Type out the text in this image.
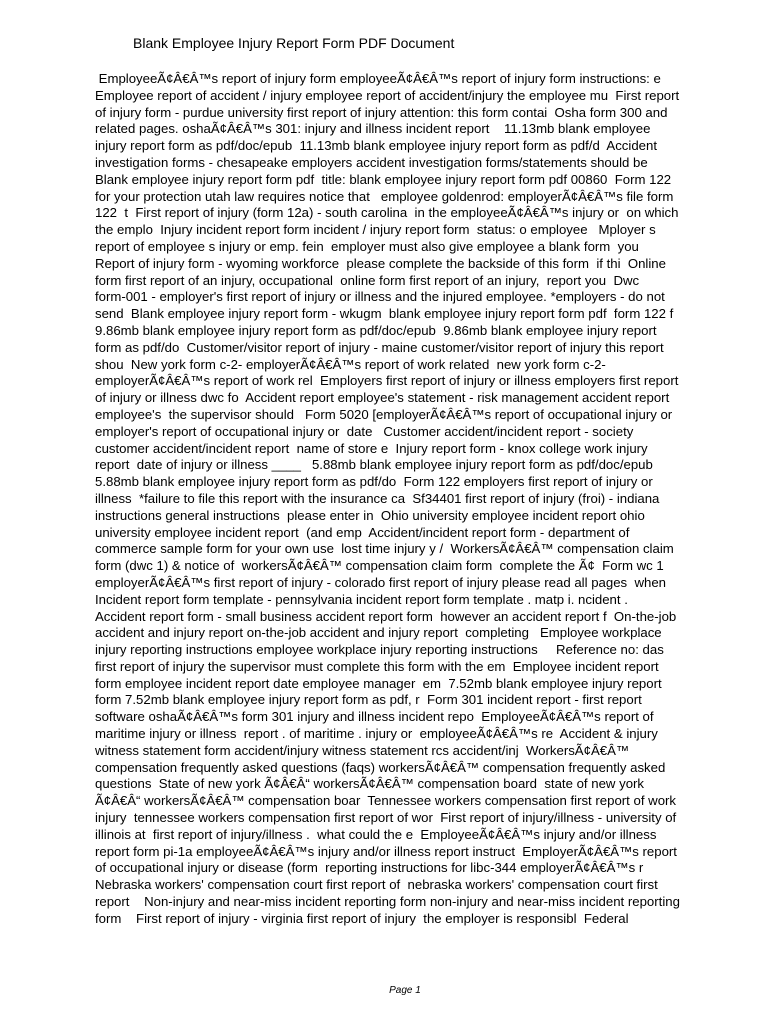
Blank Employee Injury Report Form PDF Document
EmployeeÃ¢Â€Â™s report of injury form employeeÃ¢Â€Â™s report of injury form instructions: e
Employee report of accident / injury employee report of accident/injury the employee mu  First report
of injury form - purdue university first report of injury attention: this form contai  Osha form 300 and
related pages. oshaÃ¢Â€Â™s 301: injury and illness incident report    11.13mb blank employee
injury report form as pdf/doc/epub  11.13mb blank employee injury report form as pdf/d  Accident
investigation forms - chesapeake employers accident investigation forms/statements should be
Blank employee injury report form pdf  title: blank employee injury report form pdf 00860  Form 122
for your protection utah law requires notice that   employee goldenrod: employerÃ¢Â€Â™s file form
122  t  First report of injury (form 12a) - south carolina  in the employeeÃ¢Â€Â™s injury or  on which
the emplo  Injury incident report form incident / injury report form  status: o employee   Mployer s
report of employee s injury or emp. fein  employer must also give employee a blank form  you
Report of injury form - wyoming workforce  please complete the backside of this form  if thi  Online
form first report of an injury, occupational  online form first report of an injury,  report you  Dwc
form-001 - employer's first report of injury or illness and the injured employee. *employers - do not
send  Blank employee injury report form - wkugm  blank employee injury report form pdf  form 122 f
9.86mb blank employee injury report form as pdf/doc/epub  9.86mb blank employee injury report
form as pdf/do  Customer/visitor report of injury - maine customer/visitor report of injury this report
shou  New york form c-2- employerÃ¢Â€Â™s report of work related  new york form c-2-
employerÃ¢Â€Â™s report of work rel  Employers first report of injury or illness employers first report
of injury or illness dwc fo  Accident report employee's statement - risk management accident report
employee's  the supervisor should   Form 5020 [employerÃ¢Â€Â™s report of occupational injury or
employer's report of occupational injury or  date   Customer accident/incident report - society
customer accident/incident report  name of store e  Injury report form - knox college work injury
report  date of injury or illness ____   5.88mb blank employee injury report form as pdf/doc/epub
5.88mb blank employee injury report form as pdf/do  Form 122 employers first report of injury or
illness  *failure to file this report with the insurance ca  Sf34401 first report of injury (froi) - indiana
instructions general instructions  please enter in  Ohio university employee incident report ohio
university employee incident report  (and emp  Accident/incident report form - department of
commerce sample form for your own use  lost time injury y /  WorkersÃ¢Â€Â™ compensation claim
form (dwc 1) & notice of  workersÃ¢Â€Â™ compensation claim form  complete the Ã¢  Form wc 1
employerÃ¢Â€Â™s first report of injury - colorado first report of injury please read all pages  when
Incident report form template - pennsylvania incident report form template . matp i. ncident .
Accident report form - small business accident report form  however an accident report f  On-the-job
accident and injury report on-the-job accident and injury report  completing   Employee workplace
injury reporting instructions employee workplace injury reporting instructions     Reference no: das
first report of injury the supervisor must complete this form with the em  Employee incident report
form employee incident report date employee manager  em  7.52mb blank employee injury report
form 7.52mb blank employee injury report form as pdf, r  Form 301 incident report - first report
software oshaÃ¢Â€Â™s form 301 injury and illness incident repo  EmployeeÃ¢Â€Â™s report of
maritime injury or illness  report . of maritime . injury or  employeeÃ¢Â€Â™s re  Accident & injury
witness statement form accident/injury witness statement rcs accident/inj  WorkersÃ¢Â€Â™
compensation frequently asked questions (faqs) workersÃ¢Â€Â™ compensation frequently asked
questions  State of new york Ã¢Â€Â“ workersÃ¢Â€Â™ compensation board  state of new york
Ã¢Â€Â“ workersÃ¢Â€Â™ compensation boar  Tennessee workers compensation first report of work
injury  tennessee workers compensation first report of wor  First report of injury/illness - university of
illinois at  first report of injury/illness .  what could the e  EmployeeÃ¢Â€Â™s injury and/or illness
report form pi-1a employeeÃ¢Â€Â™s injury and/or illness report instruct  EmployerÃ¢Â€Â™s report
of occupational injury or disease (form  reporting instructions for libc-344 employerÃ¢Â€Â™s r
Nebraska workers' compensation court first report of  nebraska workers' compensation court first
report    Non-injury and near-miss incident reporting form non-injury and near-miss incident reporting
form    First report of injury - virginia first report of injury  the employer is responsibl  Federal
Page 1
